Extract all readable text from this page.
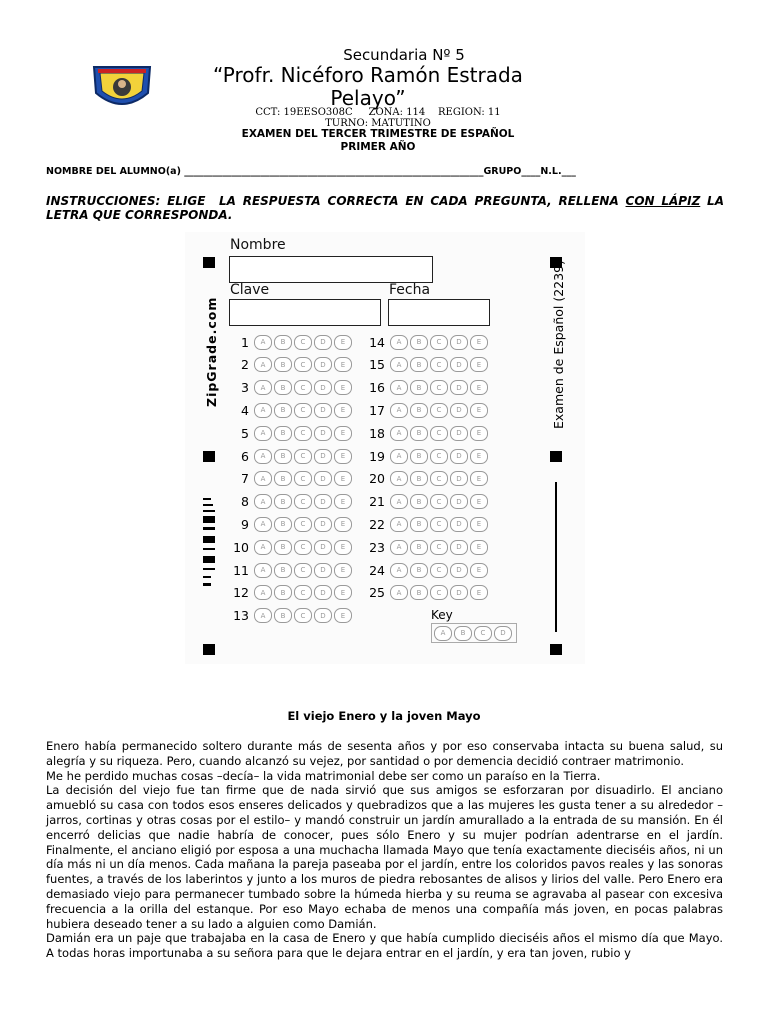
Secundaria Nº 5
“Profr. Nicéforo Ramón Estrada Pelayo”
CCT: 19EESO308C     ZONA: 114    REGION: 11
TURNO: MATUTINO
EXAMEN DEL TERCER TRIMESTRE DE ESPAÑOL
PRIMER AÑO
NOMBRE DEL ALUMNO(a) _______________________________________________________________GRUPO____N.L.___
INSTRUCCIONES: ELIGE  LA RESPUESTA CORRECTA EN CADA PREGUNTA, RELLENA CON LÁPIZ LA LETRA QUE CORRESPONDA.
Nombre
Clave	Fecha
ZipGrade.com	Examen de Español (2239)
1	A	B	C	D	E
2	A	B	C	D	E
3	A	B	C	D	E
4	A	B	C	D	E
5	A	B	C	D	E
6	A	B	C	D	E
7	A	B	C	D	E
8	A	B	C	D	E
9	A	B	C	D	E
10	A	B	C	D	E
11	A	B	C	D	E
12	A	B	C	D	E
13	A	B	C	D	E
14	A	B	C	D	E
15	A	B	C	D	E
16	A	B	C	D	E
17	A	B	C	D	E
18	A	B	C	D	E
19	A	B	C	D	E
20	A	B	C	D	E
21	A	B	C	D	E
22	A	B	C	D	E
23	A	B	C	D	E
24	A	B	C	D	E
25	A	B	C	D	E
Key
A	B	C	D
El viejo Enero y la joven Mayo

Enero había permanecido soltero durante más de sesenta años y por eso conservaba intacta su buena salud, su alegría y su riqueza. Pero, cuando alcanzó su vejez, por santidad o por demencia decidió contraer matrimonio.

Me he perdido muchas cosas –decía– la vida matrimonial debe ser como un paraíso en la Tierra.

La decisión del viejo fue tan firme que de nada sirvió que sus amigos se esforzaran por disuadirlo. El anciano amuebló su casa con todos esos enseres delicados y quebradizos que a las mujeres les gusta tener a su alrededor –jarros, cortinas y otras cosas por el estilo– y mandó construir un jardín amurallado a la entrada de su mansión. En él encerró delicias que nadie habría de conocer, pues sólo Enero y su mujer podrían adentrarse en el jardín. Finalmente, el anciano eligió por esposa a una muchacha llamada Mayo que tenía exactamente dieciséis años, ni un día más ni un día menos. Cada mañana la pareja paseaba por el jardín, entre los coloridos pavos reales y las sonoras fuentes, a través de los laberintos y junto a los muros de piedra rebosantes de alisos y lirios del valle. Pero Enero era demasiado viejo para permanecer tumbado sobre la húmeda hierba y su reuma se agravaba al pasear con excesiva frecuencia a la orilla del estanque. Por eso Mayo echaba de menos una compañía más joven, en pocas palabras hubiera deseado tener a su lado a alguien como Damián.

Damián era un paje que trabajaba en la casa de Enero y que había cumplido dieciséis años el mismo día que Mayo. A todas horas importunaba a su señora para que le dejara entrar en el jardín, y era tan joven, rubio y
